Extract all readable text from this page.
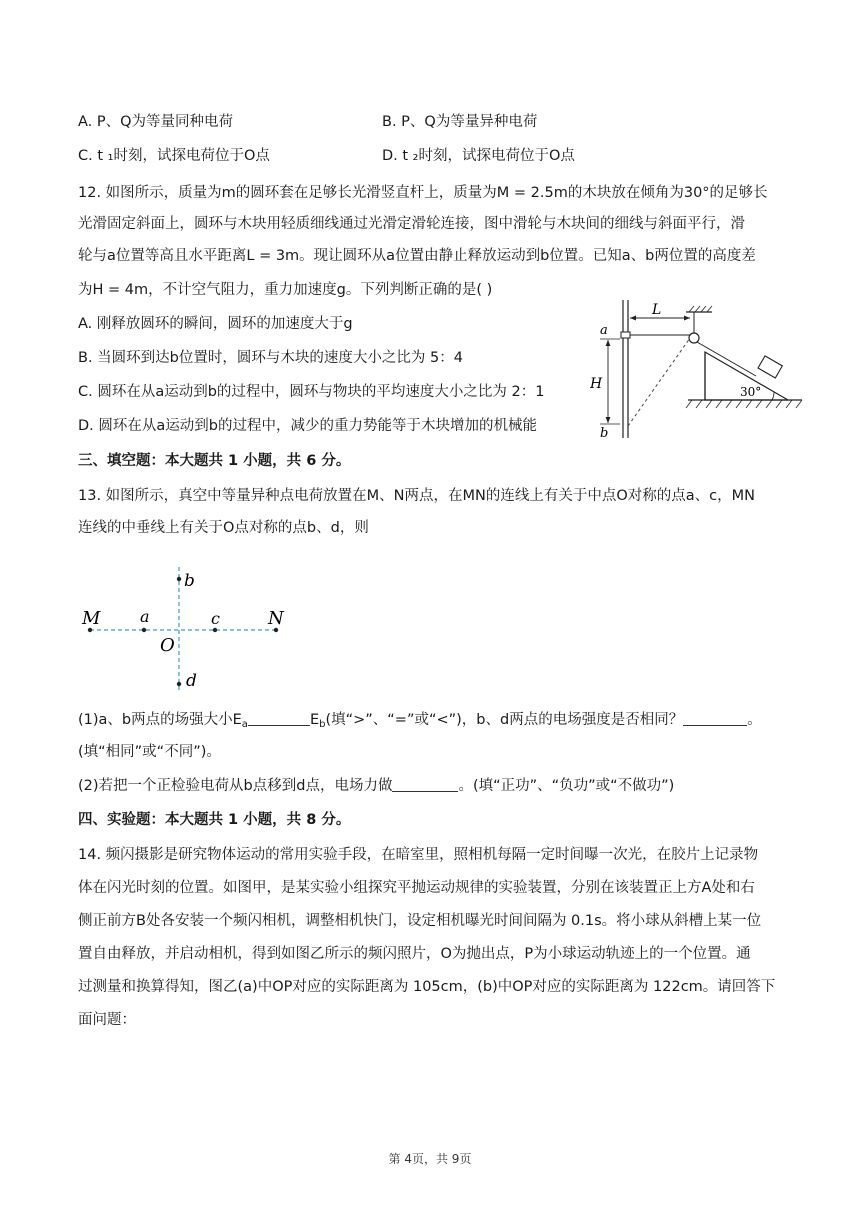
A. P、Q为等量同种电荷	B. P、Q为等量异种电荷
C. t ₁时刻，试探电荷位于O点	D. t ₂时刻，试探电荷位于O点
12. 如图所示，质量为m的圆环套在足够长光滑竖直杆上，质量为M = 2.5m的木块放在倾角为30°的足够长
光滑固定斜面上，圆环与木块用轻质细线通过光滑定滑轮连接，图中滑轮与木块间的细线与斜面平行，滑
轮与a位置等高且水平距离L = 3m。现让圆环从a位置由静止释放运动到b位置。已知a、b两位置的高度差
为H = 4m，不计空气阻力，重力加速度g。下列判断正确的是( )
A. 刚释放圆环的瞬间，圆环的加速度大于g
B. 当圆环到达b位置时，圆环与木块的速度大小之比为 5：4
C. 圆环在从a运动到b的过程中，圆环与物块的平均速度大小之比为 2：1
D. 圆环在从a运动到b的过程中，减少的重力势能等于木块增加的机械能
L
a
b
H	30°
三、填空题：本大题共 1 小题，共 6 分。
13. 如图所示，真空中等量异种点电荷放置在M、N两点，在MN的连线上有关于中点O对称的点a、c，MN
连线的中垂线上有关于O点对称的点b、d，则
M a	c	N
O
b
d
(1)a、b两点的场强大小$E_a$	$E_b$(填“>”、“=”或“<”)，b、d两点的电场强度是否相同？	。
(填“相同”或“不同”)。
(2)若把一个正检验电荷从b点移到d点，电场力做	。(填“正功”、“负功”或“不做功”)
四、实验题：本大题共 1 小题，共 8 分。
14. 频闪摄影是研究物体运动的常用实验手段，在暗室里，照相机每隔一定时间曝一次光，在胶片上记录物
体在闪光时刻的位置。如图甲，是某实验小组探究平抛运动规律的实验装置，分别在该装置正上方A处和右
侧正前方B处各安装一个频闪相机，调整相机快门，设定相机曝光时间间隔为 0.1s。将小球从斜槽上某一位
置自由释放，并启动相机，得到如图乙所示的频闪照片，O为抛出点，P为小球运动轨迹上的一个位置。通
过测量和换算得知，图乙(a)中OP对应的实际距离为 105cm，(b)中OP对应的实际距离为 122cm。请回答下
面问题：
第 4页，共 9页
